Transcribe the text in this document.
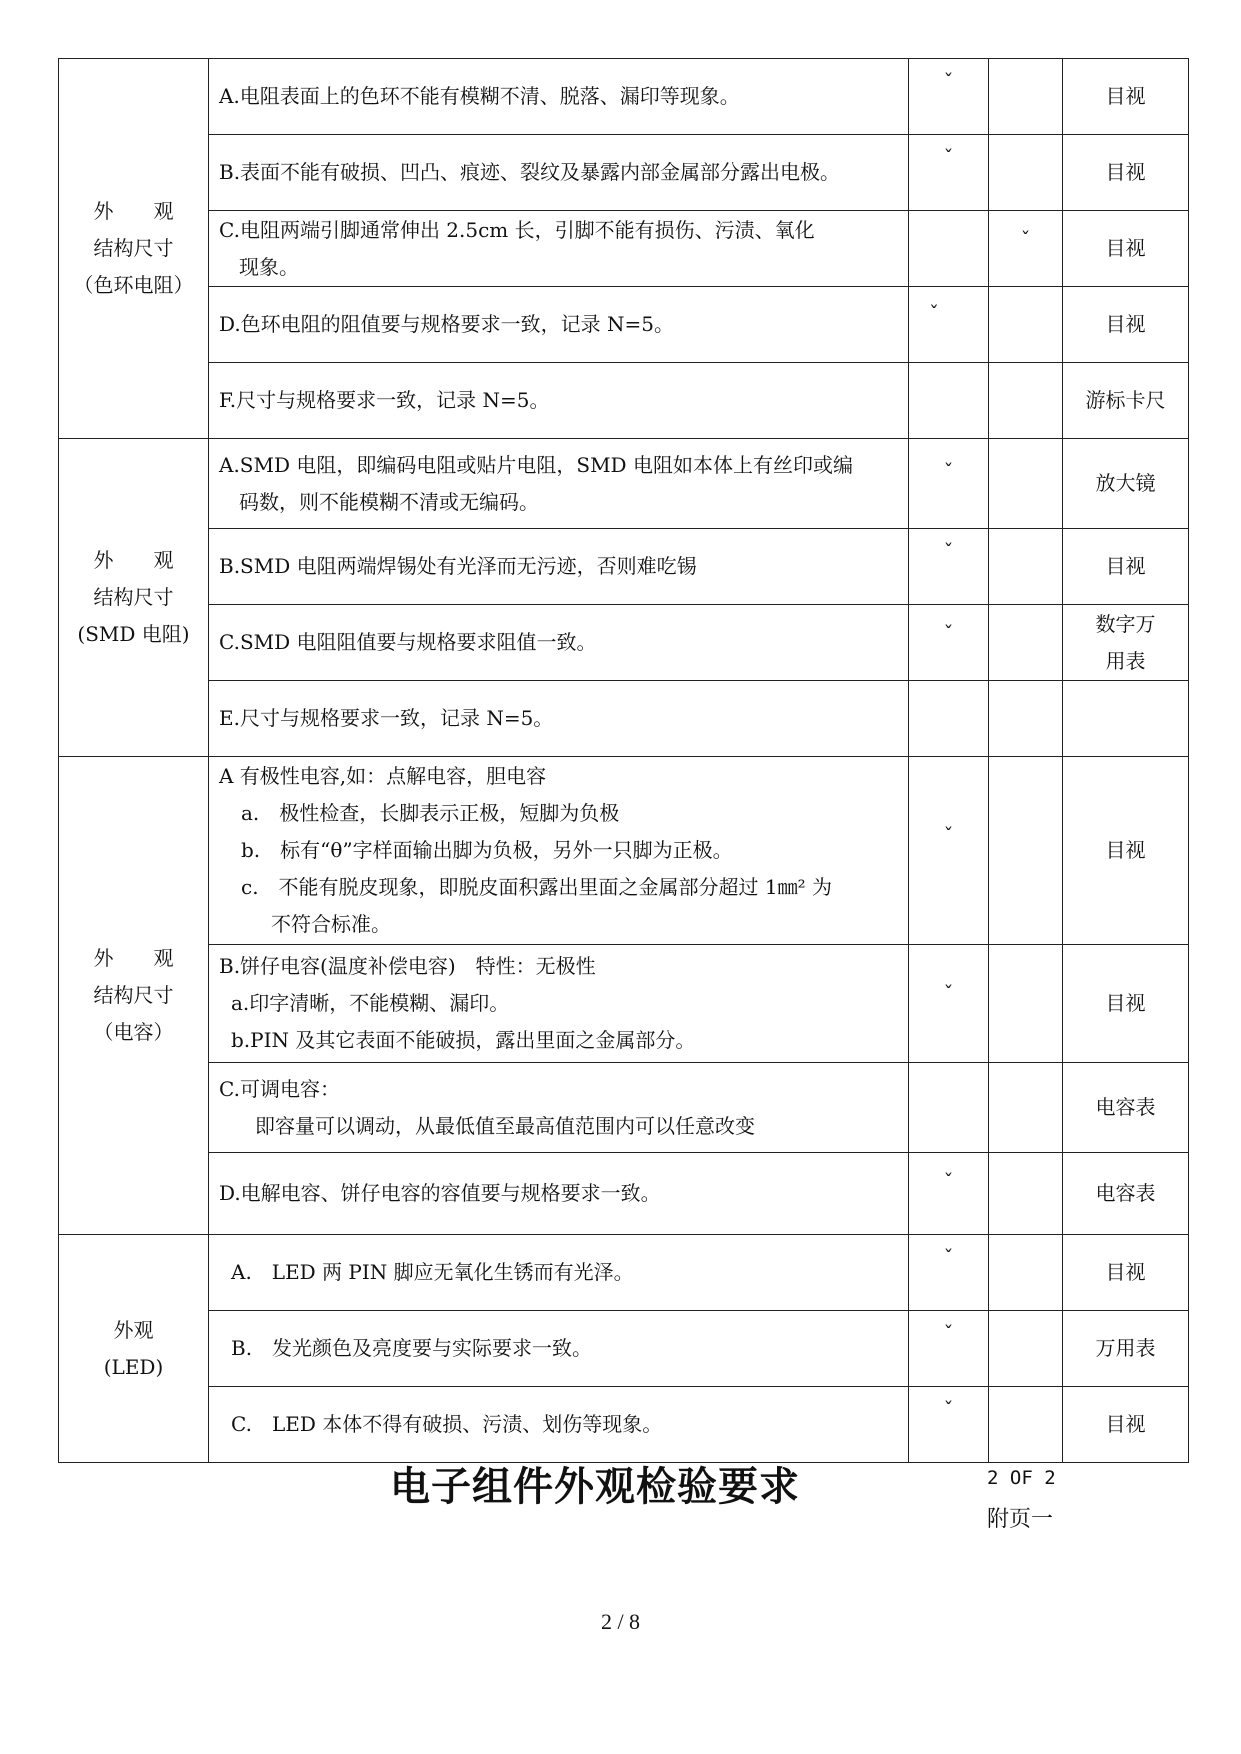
外　　观
结构尺寸
（色环电阻）	A.电阻表面上的色环不能有模糊不清、脱落、漏印等现象。	ˇ		目视
	B.表面不能有破损、凹凸、痕迹、裂纹及暴露内部金属部分露出电极。	ˇ		目视

	C.电阻两端引脚通常伸出 2.5cm 长，引脚不能有损伤、污渍、氧化
现象。		ˇ	目视
	D.色环电阻的阻值要与规格要求一致，记录 N=5。	ˇ		目视
	F.尺寸与规格要求一致，记录 N=5。			游标卡尺

外　　观
结构尺寸
(SMD 电阻)	A.SMD 电阻，即编码电阻或贴片电阻，SMD 电阻如本体上有丝印或编
码数，则不能模糊不清或无编码。	ˇ		放大镜
	B.SMD 电阻两端焊锡处有光泽而无污迹，否则难吃锡	ˇ		目视
	C.SMD 电阻阻值要与规格要求阻值一致。	ˇ		数字万
用表

	E.尺寸与规格要求一致，记录 N=5。			

外　　观
结构尺寸
（电容）	A 有极性电容,如：点解电容，胆电容
a.　极性检查，长脚表示正极，短脚为负极
b.　标有“θ”字样面输出脚为负极，另外一只脚为正极。
c.　不能有脱皮现象，即脱皮面积露出里面之金属部分超过 1㎜² 为
不符合标准。	ˇ		目视

	B.饼仔电容(温度补偿电容)　特性：无极性
a.印字清晰，不能模糊、漏印。
b.PIN 及其它表面不能破损，露出里面之金属部分。	ˇ		目视

	C.可调电容：
即容量可以调动，从最低值至最高值范围内可以任意改变			电容表
	D.电解电容、饼仔电容的容值要与规格要求一致。	ˇ		电容表

外观
(LED)	A.　LED 两 PIN 脚应无氧化生锈而有光泽。	ˇ		目视
	B.　发光颜色及亮度要与实际要求一致。	ˇ		万用表
	C.　LED 本体不得有破损、污渍、划伤等现象。	ˇ		目视
电子组件外观检验要求	2 OF 2
附页一
2 / 8
